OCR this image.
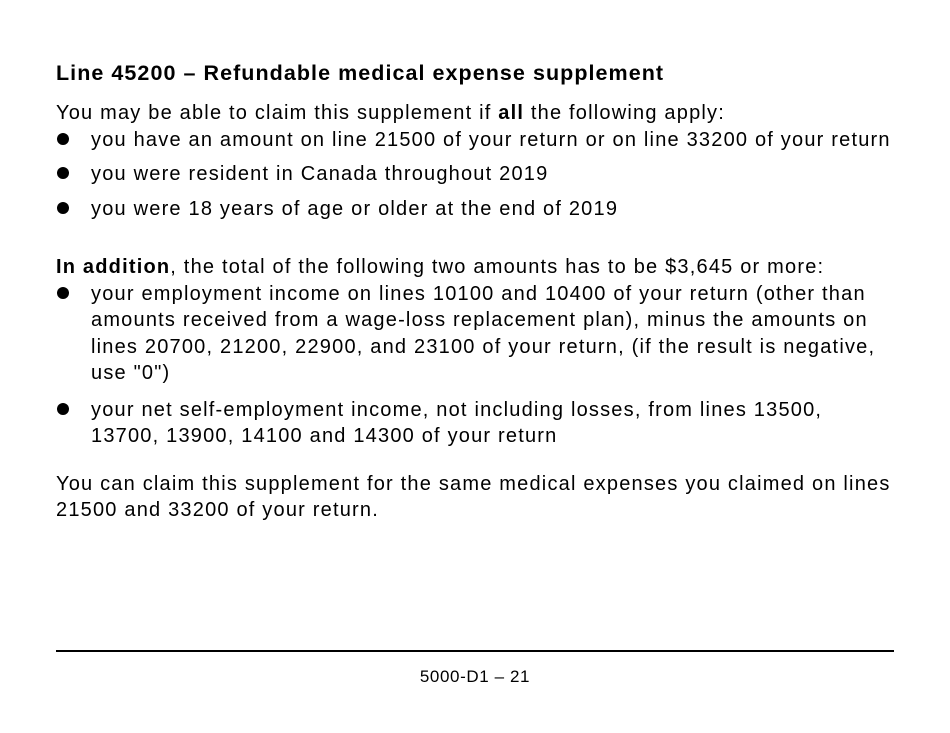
Line 45200 – Refundable medical expense supplement

You may be able to claim this supplement if all the following apply:

you have an amount on line 21500 of your return or on line 33200 of your return
you were resident in Canada throughout 2019
you were 18 years of age or older at the end of 2019

In addition, the total of the following two amounts has to be $3,645 or more:

your employment income on lines 10100 and 10400 of your return (other than amounts received from a wage-loss replacement plan), minus the amounts on lines 20700, 21200, 22900, and 23100 of your return, (if the result is negative, use "0")
your net self-employment income, not including losses, from lines 13500, 13700, 13900, 14100 and 14300 of your return

You can claim this supplement for the same medical expenses you claimed on lines 21500 and 33200 of your return.

5000-D1 – 21
